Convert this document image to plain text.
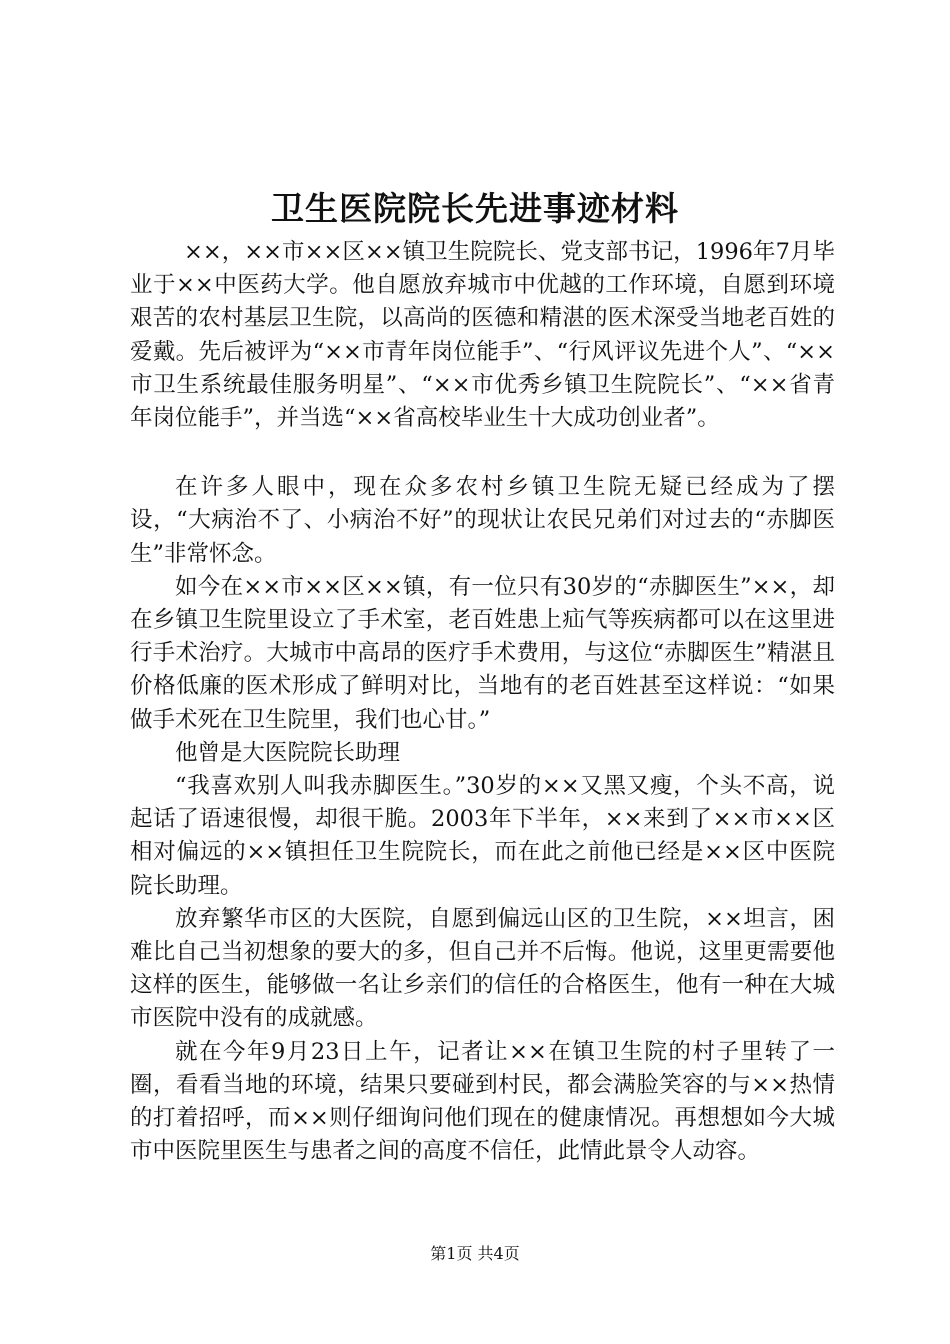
卫生医院院长先进事迹材料

××，××市××区××镇卫生院院长、党支部书记，1996年7月毕业于××中医药大学。他自愿放弃城市中优越的工作环境，自愿到环境艰苦的农村基层卫生院，以高尚的医德和精湛的医术深受当地老百姓的爱戴。先后被评为“××市青年岗位能手”、“行风评议先进个人”、“××市卫生系统最佳服务明星”、“××市优秀乡镇卫生院院长”、“××省青年岗位能手”，并当选“××省高校毕业生十大成功创业者”。

在许多人眼中，现在众多农村乡镇卫生院无疑已经成为了摆设，“大病治不了、小病治不好”的现状让农民兄弟们对过去的“赤脚医生”非常怀念。

如今在××市××区××镇，有一位只有30岁的“赤脚医生”××，却在乡镇卫生院里设立了手术室，老百姓患上疝气等疾病都可以在这里进行手术治疗。大城市中高昂的医疗手术费用，与这位“赤脚医生”精湛且价格低廉的医术形成了鲜明对比，当地有的老百姓甚至这样说：“如果做手术死在卫生院里，我们也心甘。”

他曾是大医院院长助理

“我喜欢别人叫我赤脚医生。”30岁的××又黑又瘦，个头不高，说起话了语速很慢，却很干脆。2003年下半年，××来到了××市××区相对偏远的××镇担任卫生院院长，而在此之前他已经是××区中医院院长助理。

放弃繁华市区的大医院，自愿到偏远山区的卫生院，××坦言，困难比自己当初想象的要大的多，但自己并不后悔。他说，这里更需要他这样的医生，能够做一名让乡亲们的信任的合格医生，他有一种在大城市医院中没有的成就感。

就在今年9月23日上午，记者让××在镇卫生院的村子里转了一圈，看看当地的环境，结果只要碰到村民，都会满脸笑容的与××热情的打着招呼，而××则仔细询问他们现在的健康情况。再想想如今大城市中医院里医生与患者之间的高度不信任，此情此景令人动容。

第1页 共4页
